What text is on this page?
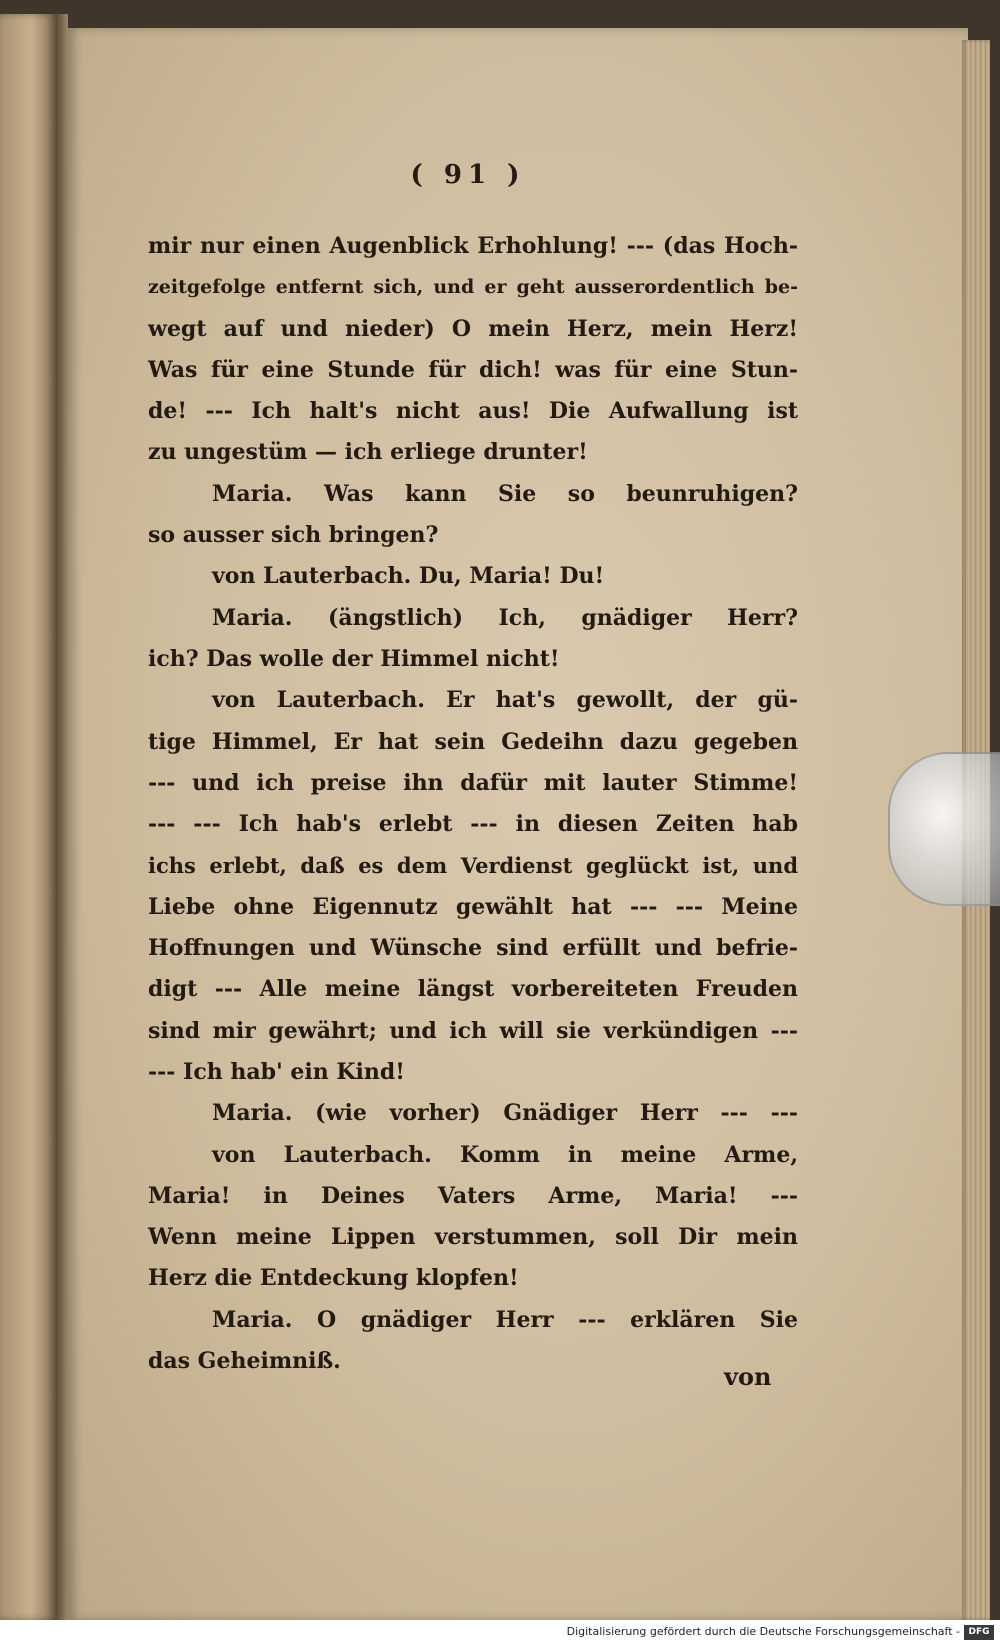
( 91 )
mir nur einen Augenblick Erhohlung! --- (das Hoch-
zeitgefolge entfernt sich, und er geht ausserordentlich be-
wegt auf und nieder) O mein Herz, mein Herz!
Was für eine Stunde für dich! was für eine Stun-
de! --- Ich halt's nicht aus! Die Aufwallung ist
zu ungestüm — ich erliege drunter!
Maria. Was kann Sie so beunruhigen?
so ausser sich bringen?
von Lauterbach. Du, Maria! Du!
Maria. (ängstlich) Ich, gnädiger Herr?
ich? Das wolle der Himmel nicht!
von Lauterbach. Er hat's gewollt, der gü-
tige Himmel, Er hat sein Gedeihn dazu gegeben
--- und ich preise ihn dafür mit lauter Stimme!
--- --- Ich hab's erlebt --- in diesen Zeiten hab
ichs erlebt, daß es dem Verdienst geglückt ist, und
Liebe ohne Eigennutz gewählt hat --- --- Meine
Hoffnungen und Wünsche sind erfüllt und befrie-
digt --- Alle meine längst vorbereiteten Freuden
sind mir gewährt; und ich will sie verkündigen ---
--- Ich hab' ein Kind!
Maria. (wie vorher) Gnädiger Herr --- ---
von Lauterbach. Komm in meine Arme,
Maria! in Deines Vaters Arme, Maria! ---
Wenn meine Lippen verstummen, soll Dir mein
Herz die Entdeckung klopfen!
Maria. O gnädiger Herr --- erklären Sie
das Geheimniß.
von
Digitalisierung gefördert durch die Deutsche Forschungsgemeinschaft - DFG
